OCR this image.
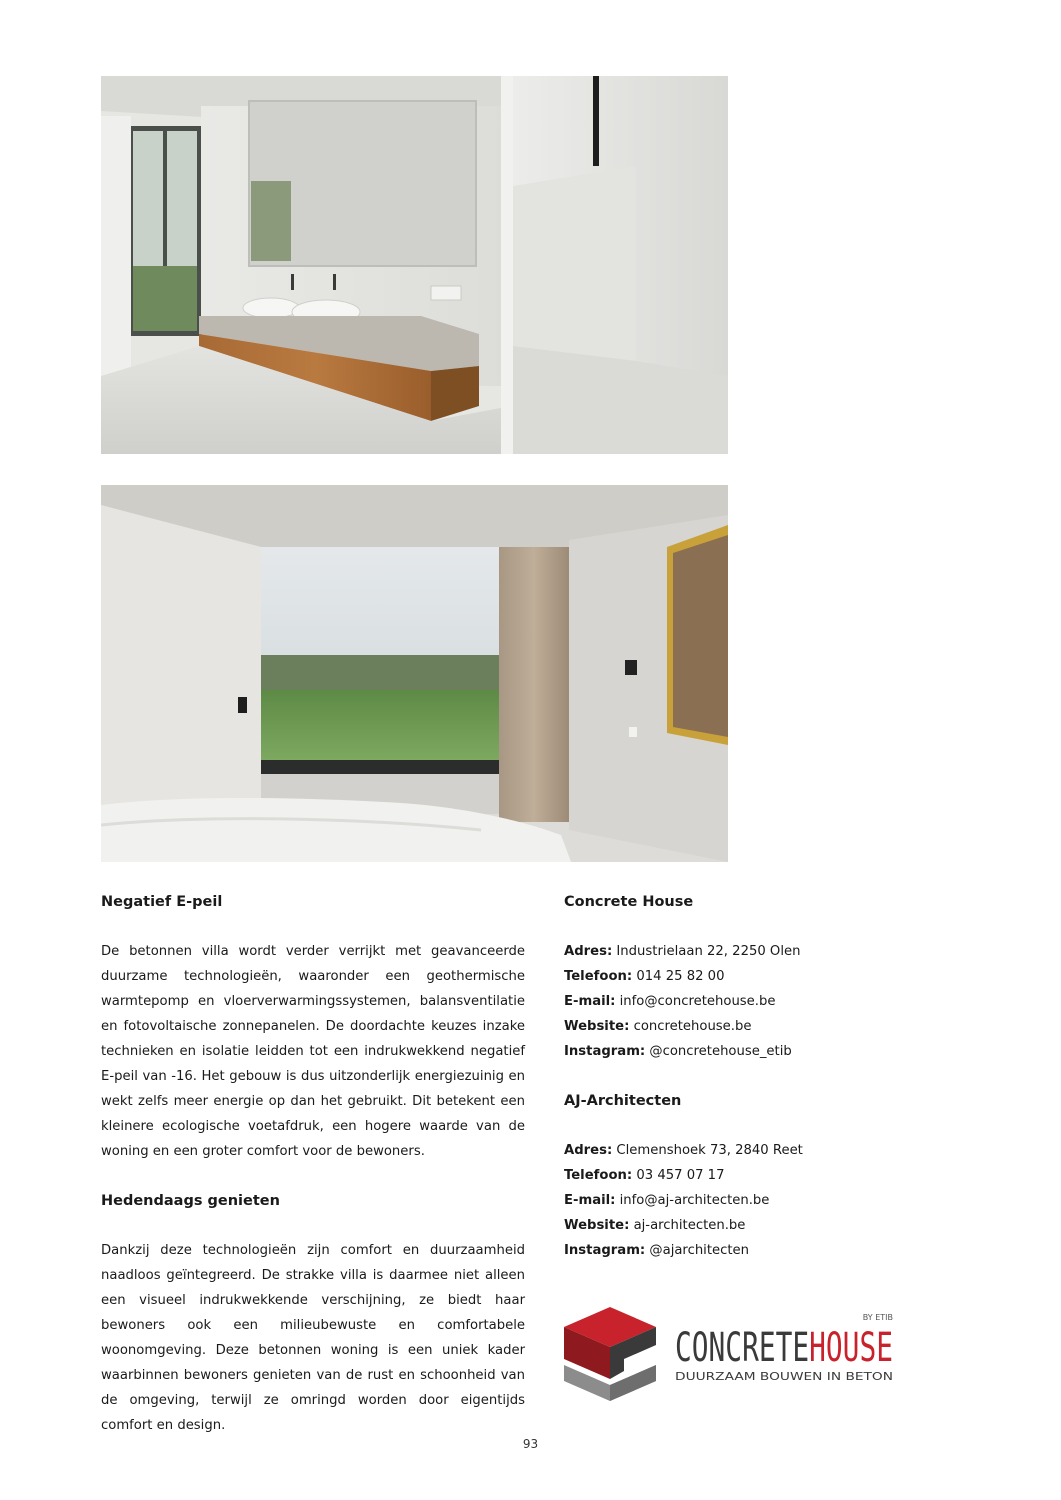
Negatief E-peil

De betonnen villa wordt verder verrijkt met geavanceerde duurzame technologieën, waaronder een geothermische warmtepomp en vloerverwarmingssystemen, balansventilatie en fotovoltaische zonnepanelen. De doordachte keuzes inzake technieken en isolatie leidden tot een indrukwekkend negatief E-peil van -16. Het gebouw is dus uitzonderlijk energiezuinig en wekt zelfs meer energie op dan het gebruikt. Dit betekent een kleinere ecologische voetafdruk, een hogere waarde van de woning en een groter comfort voor de bewoners.

Hedendaags genieten

Dankzij deze technologieën zijn comfort en duurzaamheid naadloos geïntegreerd. De strakke villa is daarmee niet alleen een visueel indrukwekkende verschijning, ze biedt haar bewoners ook een milieubewuste en comfortabele woonomgeving. Deze betonnen woning is een uniek kader waarbinnen bewoners genieten van de rust en schoonheid van de omgeving, terwijl ze omringd worden door eigentijds comfort en design.

Concrete House
Adres: Industrielaan 22, 2250 Olen
Telefoon: 014 25 82 00
E-mail: info@concretehouse.be
Website: concretehouse.be
Instagram: @concretehouse_etib
AJ-Architecten
Adres: Clemenshoek 73, 2840 Reet
Telefoon: 03 457 07 17
E-mail: info@aj-architecten.be
Website: aj-architecten.be
Instagram: @ajarchitecten
BY ETIB
CONCRETEHOU
DUURZAAM BOUWEN IN BETON
93
